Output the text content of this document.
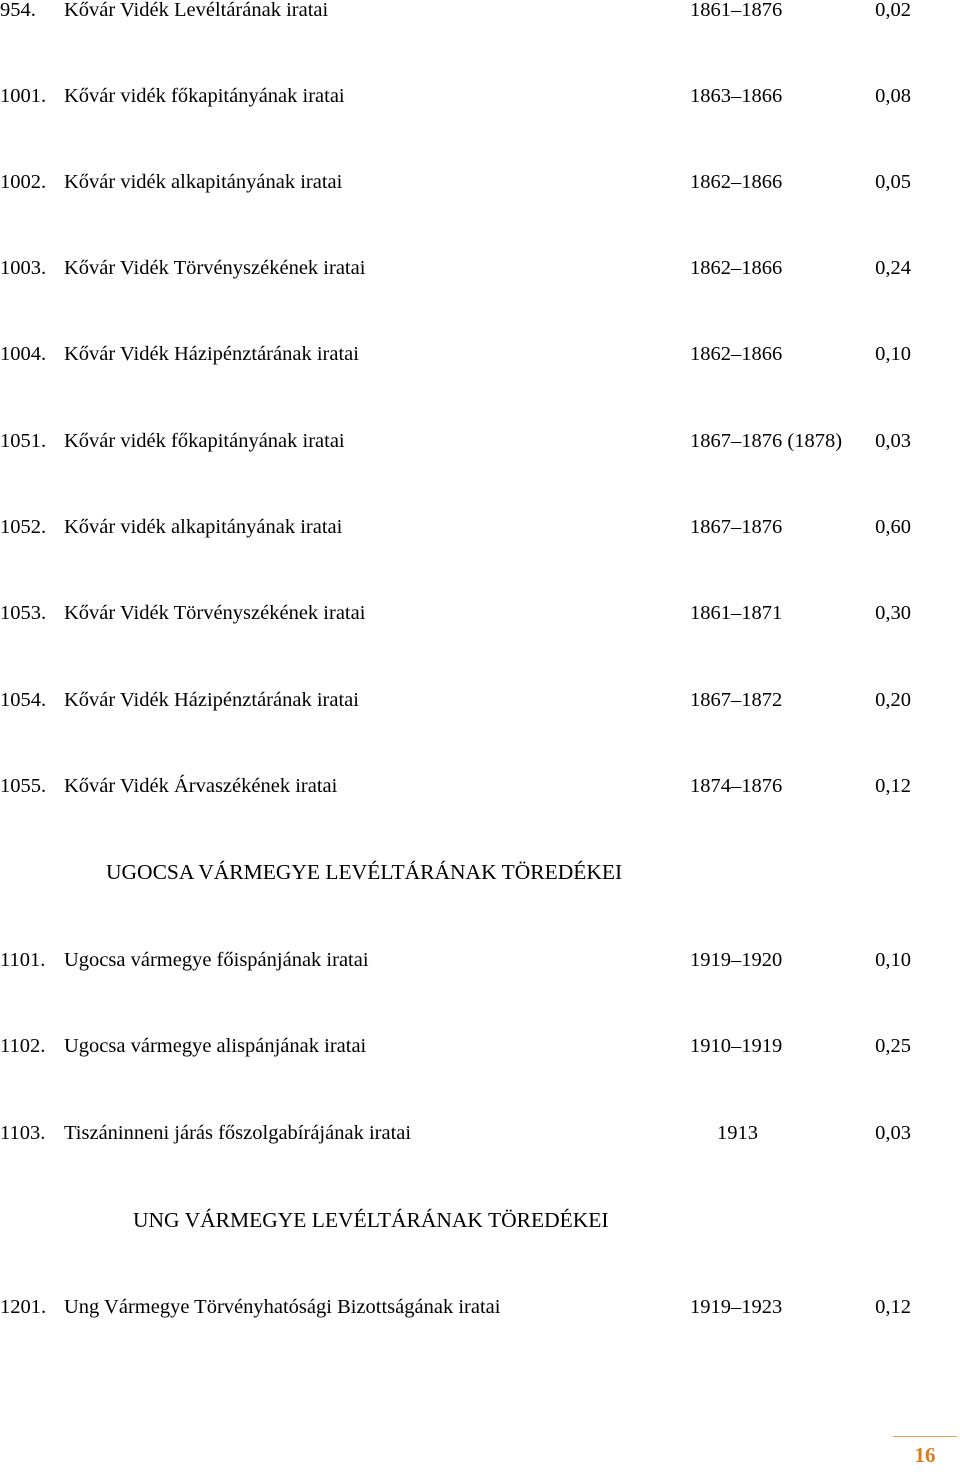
954. Kővár Vidék Levéltárának iratai	1861–1876	0,02
1001. Kővár vidék főkapitányának iratai	1863–1866	0,08
1002. Kővár vidék alkapitányának iratai	1862–1866	0,05
1003. Kővár Vidék Törvényszékének iratai	1862–1866	0,24
1004. Kővár Vidék Házipénztárának iratai	1862–1866	0,10
1051. Kővár vidék főkapitányának iratai	1867–1876 (1878)	0,03
1052. Kővár vidék alkapitányának iratai	1867–1876	0,60
1053. Kővár Vidék Törvényszékének iratai	1861–1871	0,30
1054. Kővár Vidék Házipénztárának iratai	1867–1872	0,20
1055. Kővár Vidék Árvaszékének iratai	1874–1876	0,12
UGOCSA VÁRMEGYE LEVÉLTÁRÁNAK TÖREDÉKEI
1101. Ugocsa vármegye főispánjának iratai	1919–1920	0,10
1102. Ugocsa vármegye alispánjának iratai	1910–1919	0,25
1103. Tiszáninneni járás főszolgabírájának iratai	1913	0,03
UNG VÁRMEGYE LEVÉLTÁRÁNAK TÖREDÉKEI
1201. Ung Vármegye Törvényhatósági Bizottságának iratai	1919–1923	0,12
16
